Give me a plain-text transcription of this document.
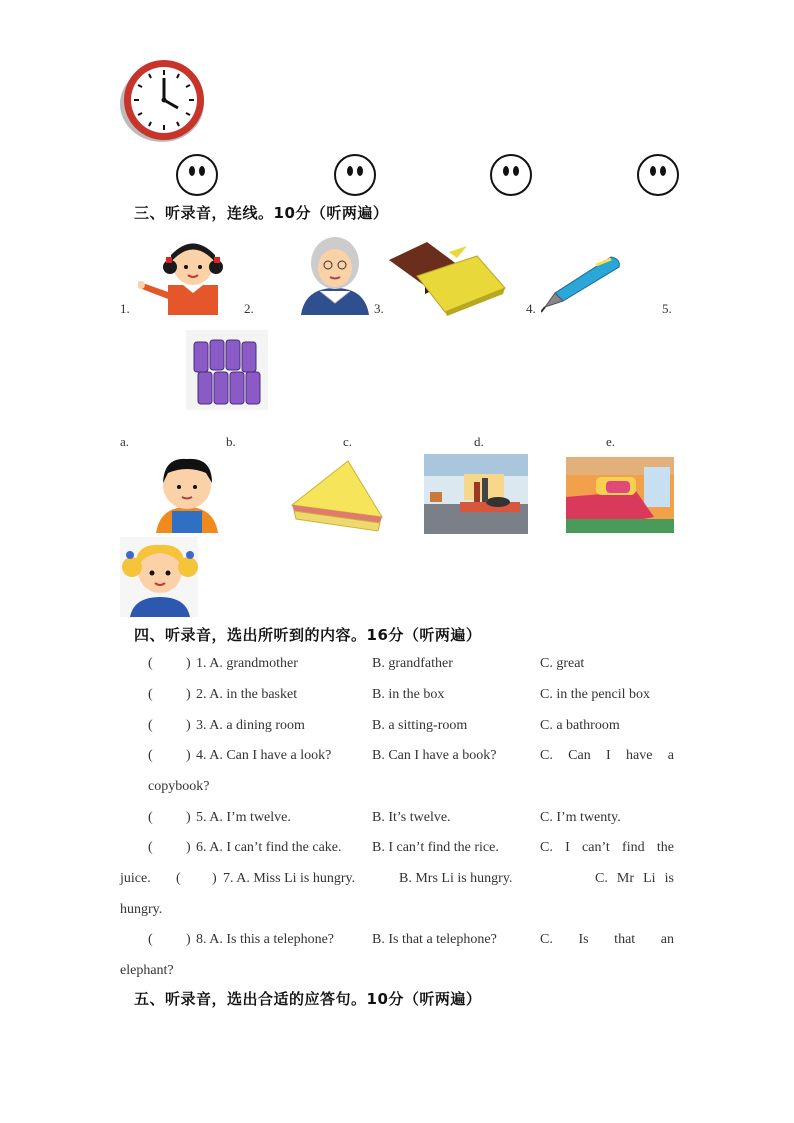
三、听录音，连线。10分（听两遍）
1.	2.	3.	4.	5.
a.	b.	c.	d.	e.
四、听录音，选出所听到的内容。16分（听两遍）
( ) 1. A. grandmother	B. grandfather	C. great
( ) 2. A. in the basket	B. in the box	C. in the pencil box
( ) 3. A. a dining room	B. a sitting-room	C. a bathroom
( ) 4. A. Can I have a look?	B. Can I have a book?	C. Can I have a
copybook?
( ) 5. A. I’m twelve.	B. It’s twelve.	C. I’m twenty.
( ) 6. A. I can’t find the cake. B. I can’t find the rice.	C. I can’t find the
juice. ( ) 7. A. Miss Li is hungry.	B. Mrs Li is hungry.	C. Mr Li is
hungry.
( ) 8. A. Is this a telephone?	B. Is that a telephone?	C. Is that an
elephant?
五、听录音，选出合适的应答句。10分（听两遍）
